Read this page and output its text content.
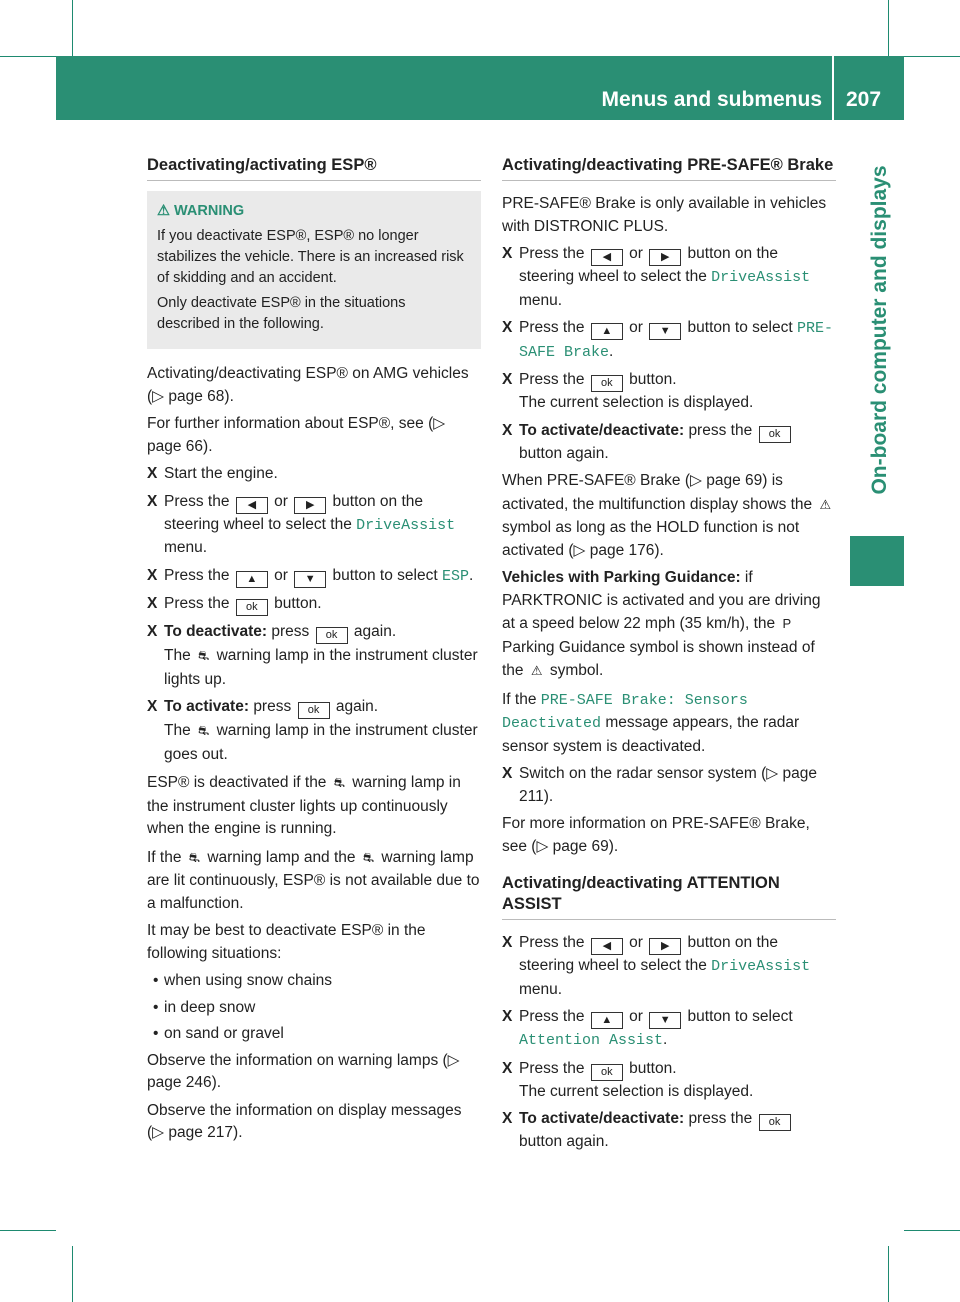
Menus and submenus 207
On-board computer and displays
Deactivating/activating ESP®
⚠ WARNING

If you deactivate ESP®, ESP® no longer stabilizes the vehicle. There is an increased risk of skidding and an accident.

Only deactivate ESP® in the situations described in the following.

Activating/deactivating ESP® on AMG vehicles (▷ page 68).

For further information about ESP®, see (▷ page 66).

X Start the engine.
X Press the ◀ or ▶ button on the steering wheel to select the DriveAssist menu.
X Press the ▲ or ▼ button to select ESP.
X Press the ok button.
X To deactivate: press ok again.
The ⛐ warning lamp in the instrument cluster lights up.
X To activate: press ok again.
The ⛐ warning lamp in the instrument cluster goes out.

ESP® is deactivated if the ⛐ warning lamp in the instrument cluster lights up continuously when the engine is running.

If the ⛐ warning lamp and the ⛐ warning lamp are lit continuously, ESP® is not available due to a malfunction.

It may be best to deactivate ESP® in the following situations:

• when using snow chains
• in deep snow
• on sand or gravel

Observe the information on warning lamps (▷ page 246).

Observe the information on display messages (▷ page 217).

Activating/deactivating PRE-SAFE® Brake

PRE-SAFE® Brake is only available in vehicles with DISTRONIC PLUS.

X Press the ◀ or ▶ button on the steering wheel to select the DriveAssist menu.
X Press the ▲ or ▼ button to select PRE-SAFE Brake.
X Press the ok button.
The current selection is displayed.
X To activate/deactivate: press the ok button again.

When PRE-SAFE® Brake (▷ page 69) is activated, the multifunction display shows the ⚠ symbol as long as the HOLD function is not activated (▷ page 176).

Vehicles with Parking Guidance: if PARKTRONIC is activated and you are driving at a speed below 22 mph (35 km/h), the P Parking Guidance symbol is shown instead of the ⚠ symbol.

If the PRE-SAFE Brake: Sensors Deactivated message appears, the radar sensor system is deactivated.

X Switch on the radar sensor system (▷ page 211).

For more information on PRE-SAFE® Brake, see (▷ page 69).

Activating/deactivating ATTENTION ASSIST
X Press the ◀ or ▶ button on the steering wheel to select the DriveAssist menu.
X Press the ▲ or ▼ button to select Attention Assist.
X Press the ok button.
The current selection is displayed.
X To activate/deactivate: press the ok button again.
